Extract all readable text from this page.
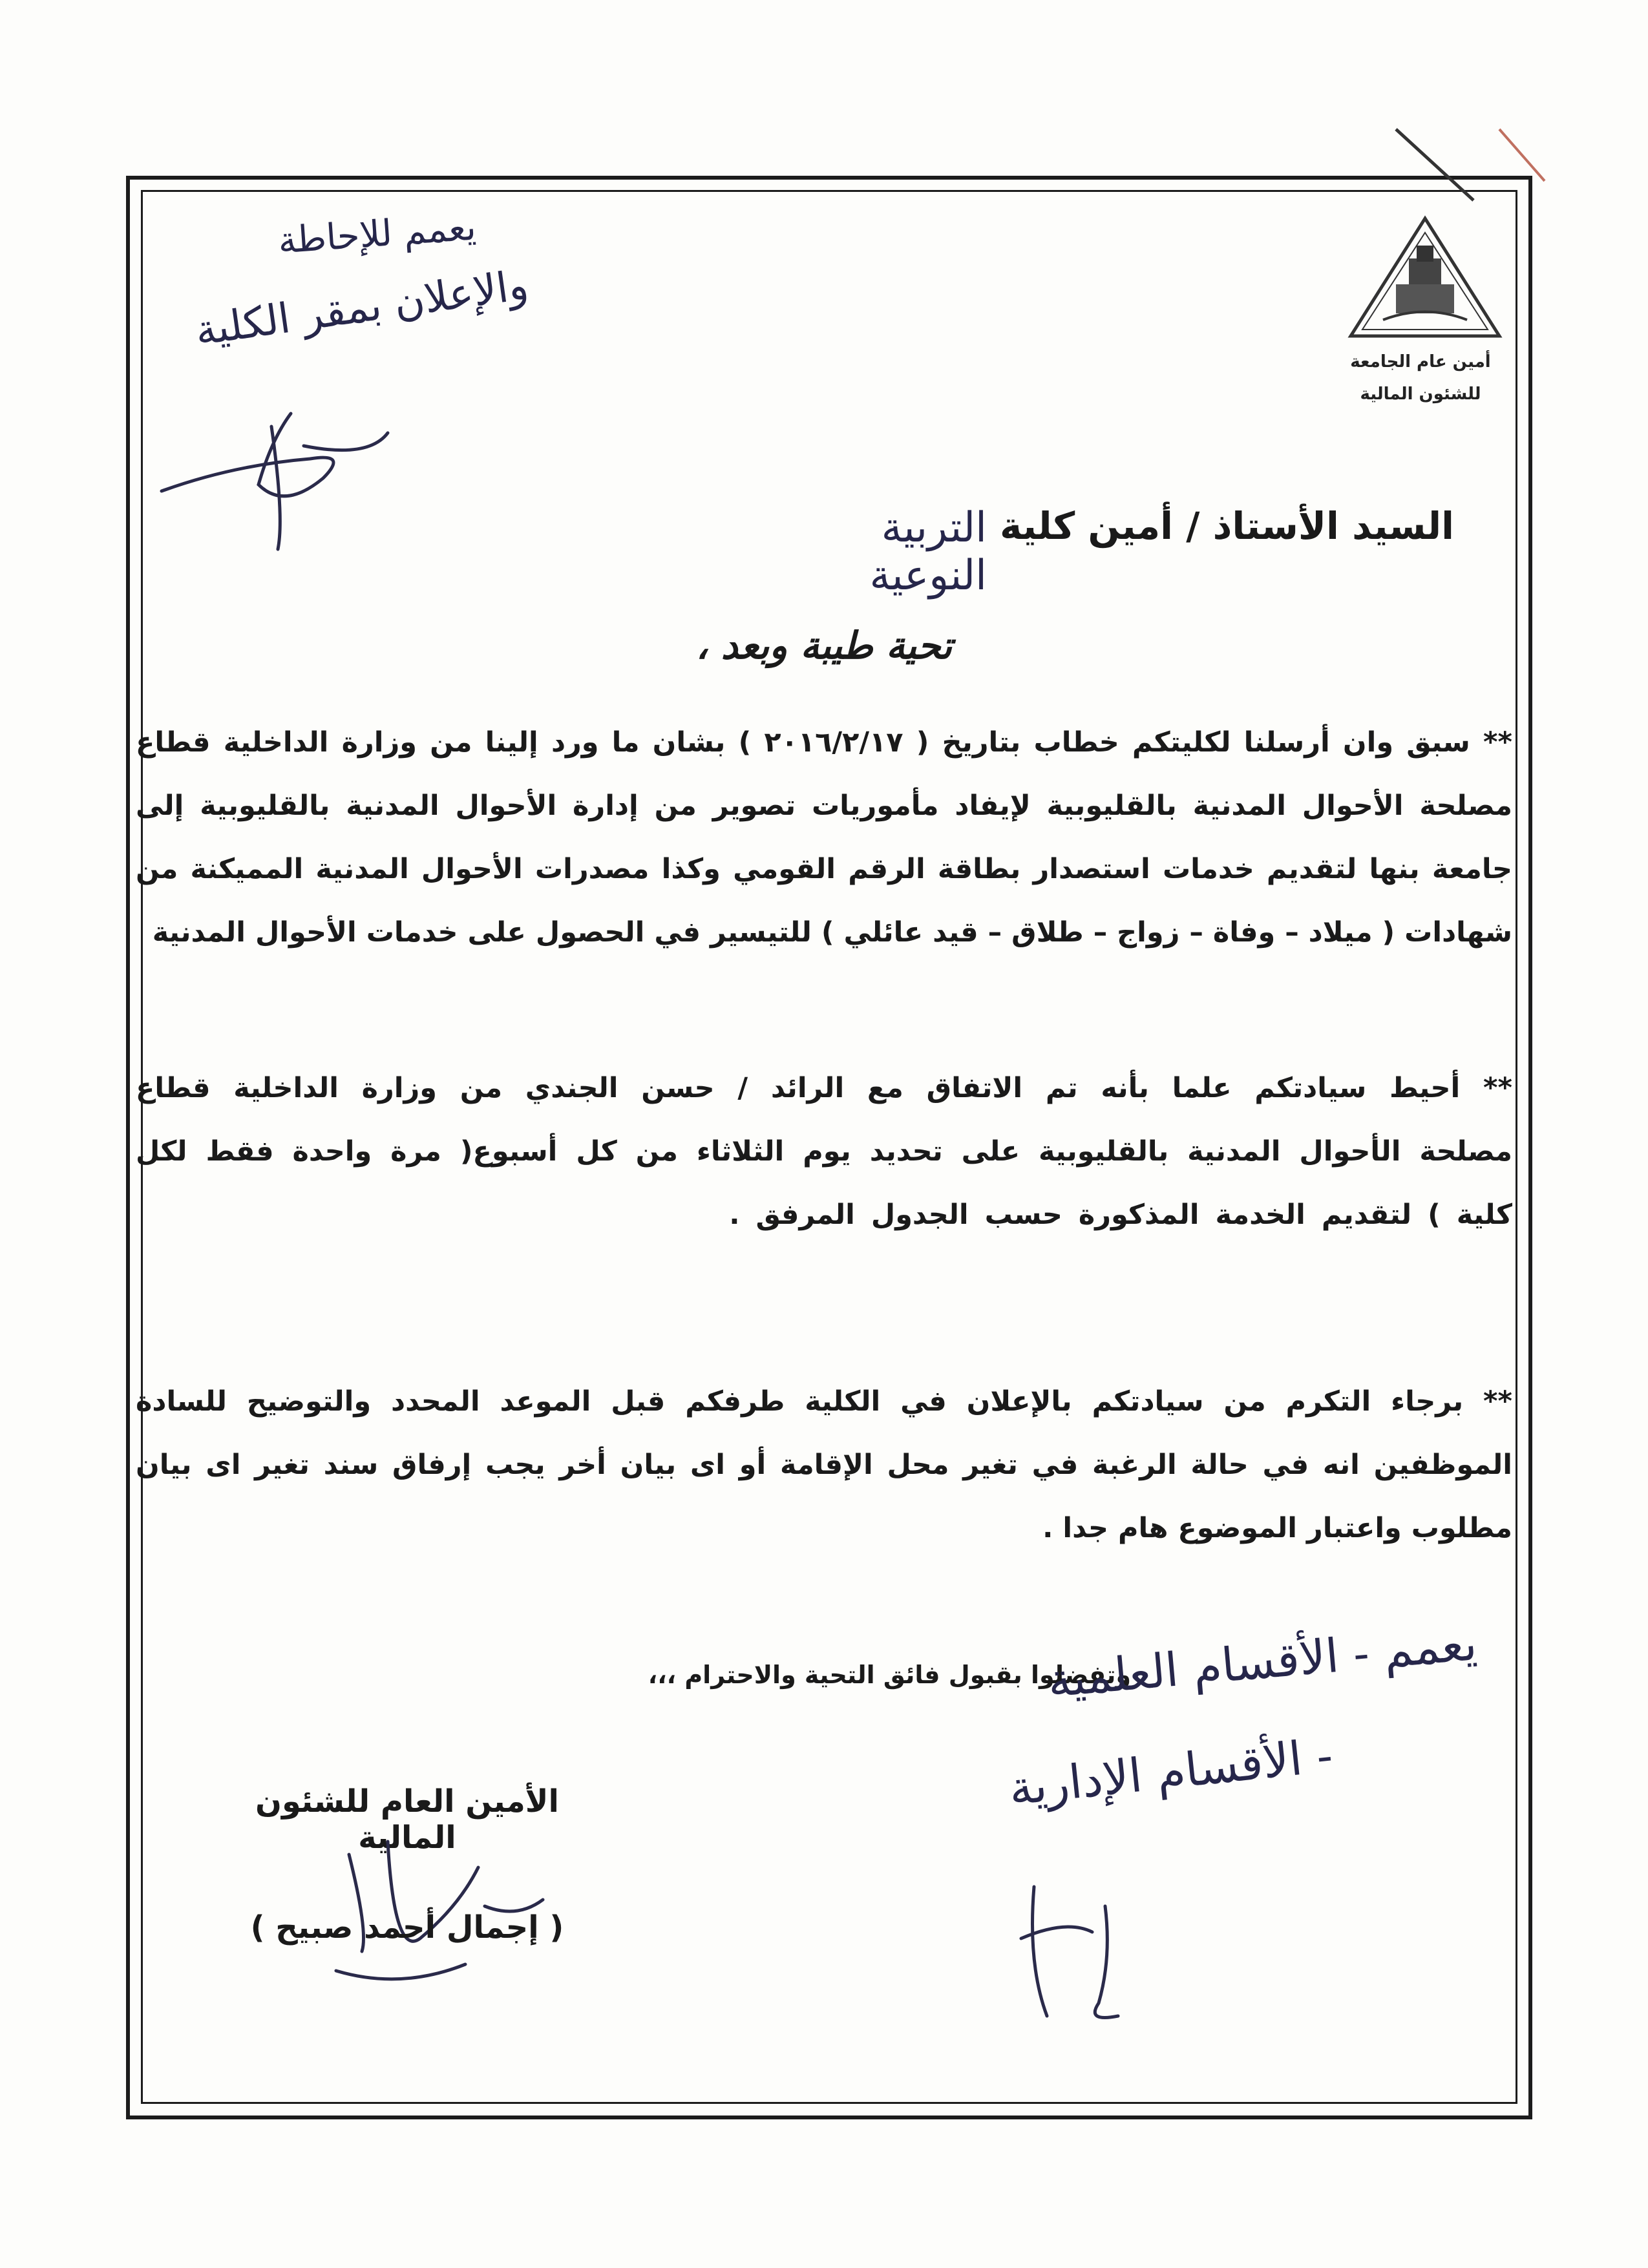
أمين عام الجامعة
للشئون المالية
يعمم للإحاطة
والإعلان بمقر الكلية
السيد الأستاذ / أمين كلية
التربية النوعية
تحية طيبة وبعد ،
** سبق وان أرسلنا لكليتكم خطاب بتاريخ ( ٢٠١٦/٢/١٧ ) بشان ما ورد إلينا من وزارة الداخلية قطاع مصلحة الأحوال المدنية بالقليوبية لإيفاد مأموريات تصوير من إدارة الأحوال المدنية بالقليوبية إلى جامعة بنها لتقديم خدمات استصدار بطاقة الرقم القومي وكذا مصدرات الأحوال المدنية المميكنة من شهادات ( ميلاد – وفاة – زواج – طلاق – قيد عائلي ) للتيسير في الحصول على خدمات الأحوال المدنية
** أحيط سيادتكم علما بأنه تم الاتفاق مع الرائد / حسن الجندي من وزارة الداخلية قطاع مصلحة الأحوال المدنية بالقليوبية على تحديد يوم الثلاثاء من كل أسبوع( مرة واحدة فقط لكل كلية ) لتقديم الخدمة المذكورة حسب الجدول المرفق .
** برجاء التكرم من سيادتكم بالإعلان في الكلية طرفكم قبل الموعد المحدد والتوضيح للسادة الموظفين انه في حالة الرغبة في تغير محل الإقامة أو اى بيان أخر يجب إرفاق سند تغير اى بيان مطلوب واعتبار الموضوع هام جدا .
وتفضلوا بقبول فائق التحية والاحترام ،،،
يعمم - الأقسام العلمية
- الأقسام الإدارية
الأمين العام للشئون المالية
( إجمال أحمد صبيح )
